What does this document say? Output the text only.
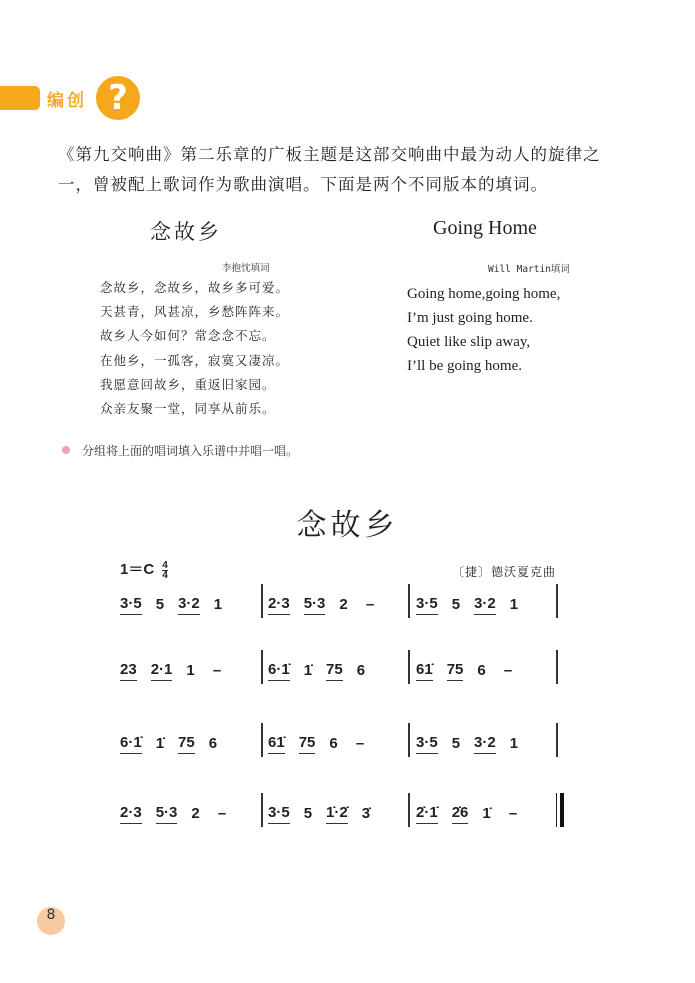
编创 ?
《第九交响曲》第二乐章的广板主题是这部交响曲中最为动人的旋律之
一，曾被配上歌词作为歌曲演唱。下面是两个不同版本的填词。
念故乡
李抱忱填词
念故乡，念故乡，故乡多可爱。
天甚青，风甚凉，乡愁阵阵来。
故乡人今如何？常念念不忘。
在他乡，一孤客，寂寞又凄凉。
我愿意回故乡，重返旧家园。
众亲友聚一堂，同享从前乐。
Going Home
Will Martin填词
Going home,going home,
I’m just going home.
Quiet like slip away,
I’ll be going home.
分组将上面的唱词填入乐谱中并唱一唱。
念故乡
$1=C \frac{4}{4}$	〔捷〕德沃夏克曲
3·5 5 3·2 1	2·3 5·3 2 –	3·5 5 3·2 1
23 2·1 1 –	6·1̇ 1̇ 75 6	61̇ 75 6 –
6·1̇ 1̇ 75 6	61̇ 75 6 –	3·5 5 3·2 1
2·3 5·3 2 –	3·5 5 1̇·2̇ 3̇	2̇·1̇ 2̇6 1̇ –
8
